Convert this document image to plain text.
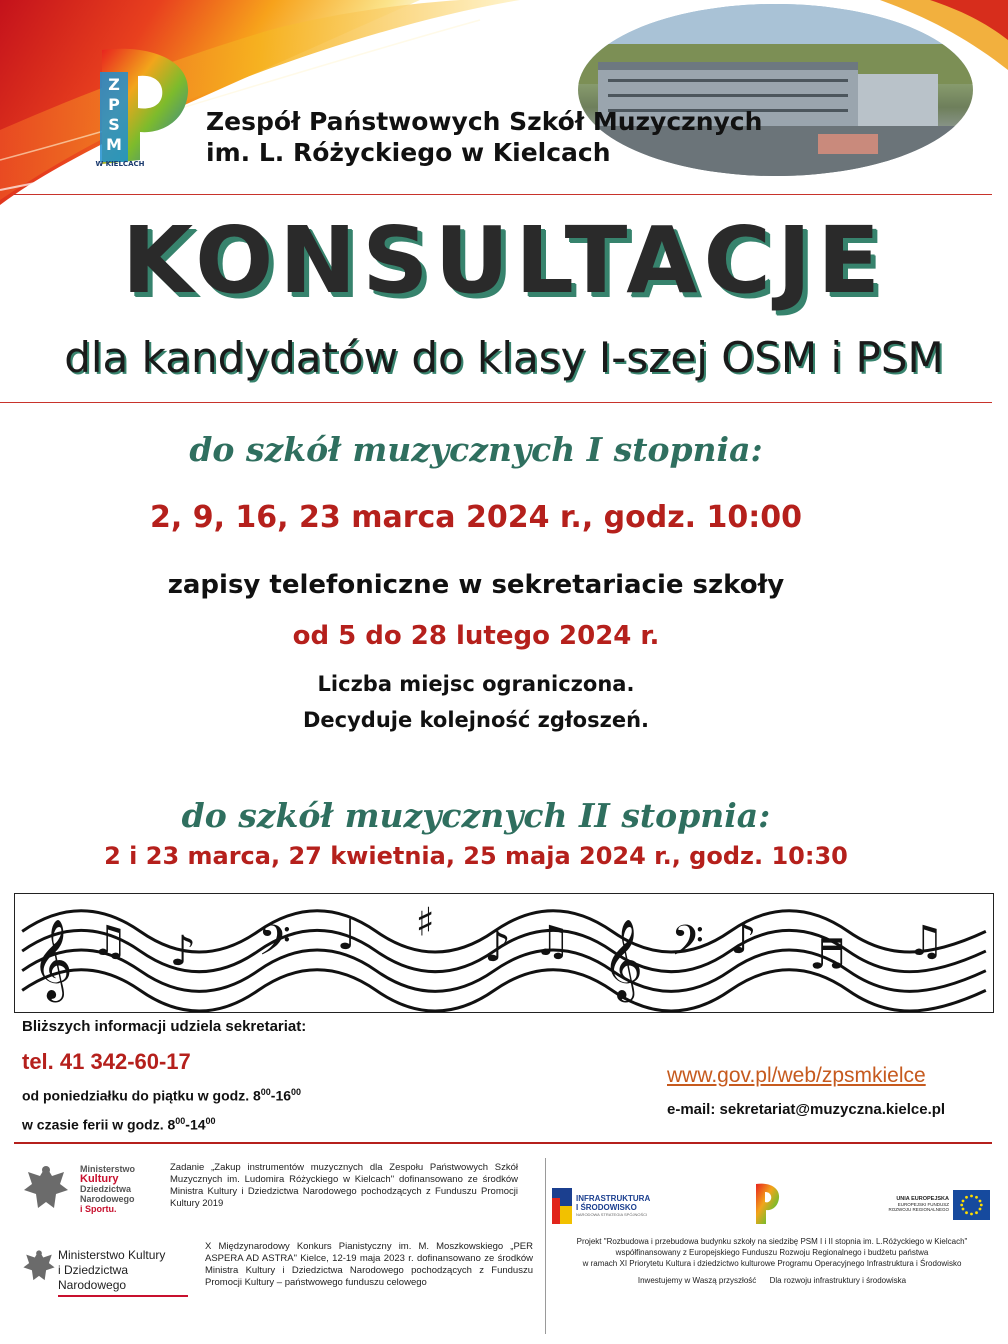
Z
P
S
M
W KIELCACH
Zespół Państwowych Szkół Muzycznych
im. L. Różyckiego w Kielcach
KONSULTACJE
dla kandydatów do klasy I-szej OSM i PSM
do szkół muzycznych I stopnia:
2, 9, 16, 23 marca 2024 r., godz. 10:00
zapisy telefoniczne w sekretariacie szkoły
od 5 do 28 lutego 2024 r.
Liczba miejsc ograniczona.
Decyduje kolejność zgłoszeń.
do szkół muzycznych II stopnia:
2 i 23 marca, 27 kwietnia, 25 maja 2024 r., godz. 10:30
𝄞	𝄞
𝄢	𝄢
♯
♫ ♪	♩	♪ ♫	♪ ♬ ♫
Bliższych informacji udziela sekretariat:
tel. 41 342-60-17
od poniedziałku do piątku w godz. $8^{00}-16^{00}$
w czasie ferii w godz. $8^{00}-14^{00}$
www.gov.pl/web/zpsmkielce
e-mail: sekretariat@muzyczna.kielce.pl
Ministerstwo
Kultury
Dziedzictwa
Narodowego
i Sportu.
Zadanie „Zakup instrumentów muzycznych dla Zespołu Państwowych Szkół Muzycznych im. Ludomira Różyckiego w Kielcach" dofinansowano ze środków Ministra Kultury i Dziedzictwa Narodowego pochodzących z Funduszu Promocji Kultury 2019
Ministerstwo Kultury
i Dziedzictwa Narodowego
X Międzynarodowy Konkurs Pianistyczny im. M. Moszkowskiego „PER ASPERA AD ASTRA" Kielce, 12-19 maja 2023 r. dofinansowano ze środków Ministra Kultury i Dziedzictwa Narodowego pochodzących z Funduszu Promocji Kultury – państwowego funduszu celowego
INFRASTRUKTURA
I ŚRODOWISKO
NARODOWA STRATEGIA SPÓJNOŚCI
UNIA EUROPEJSKA
EUROPEJSKI FUNDUSZ
ROZWOJU REGIONALNEGO
Projekt "Rozbudowa i przebudowa budynku szkoły na siedzibę PSM I i II stopnia im. L.Różyckiego w Kielcach"
współfinansowany z Europejskiego Funduszu Rozwoju Regionalnego i budżetu państwa
w ramach XI Priorytetu Kultura i dziedzictwo kulturowe Programu Operacyjnego Infrastruktura i Środowisko
Inwestujemy w Waszą przyszłość Dla rozwoju infrastruktury i środowiska
